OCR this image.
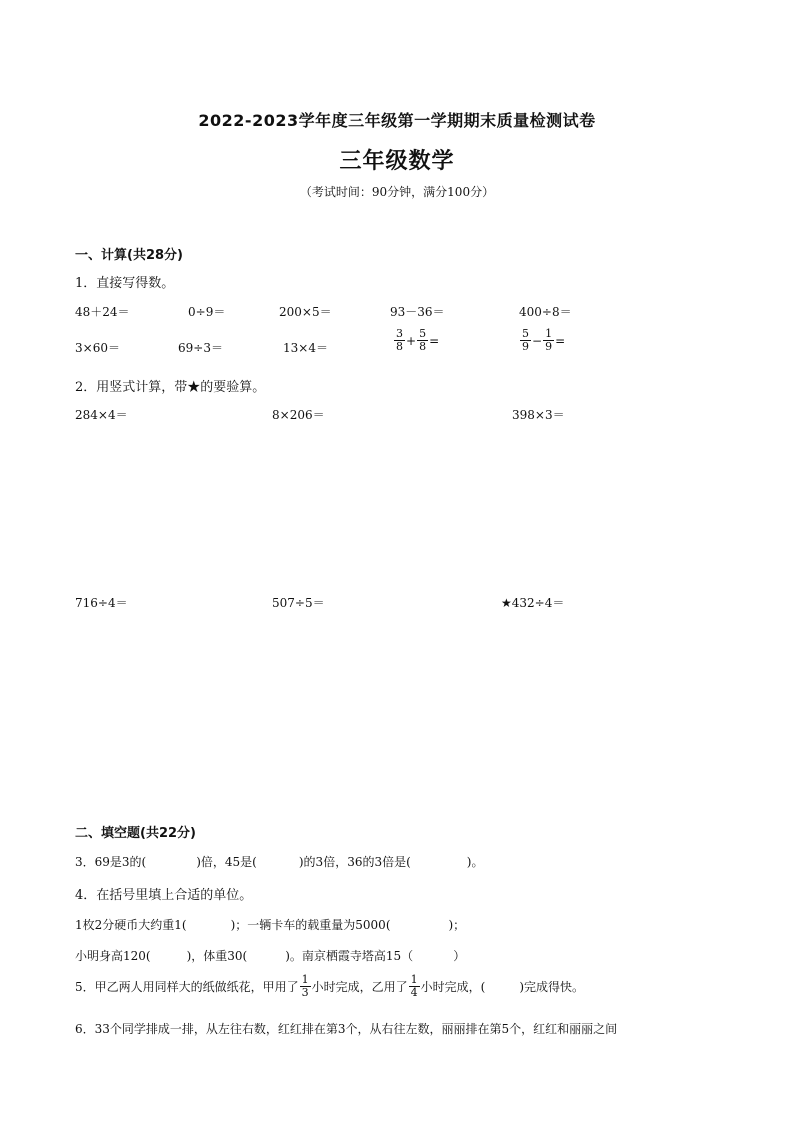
2022-2023学年度三年级第一学期期末质量检测试卷
三年级数学
（考试时间：90分钟，满分100分）
一、计算(共28分)
1．直接写得数。
48＋24＝	0÷9＝	200×5＝	93－36＝	400÷8＝
3×60＝	69÷3＝	13×4＝	$\frac{3}{8} + \frac{5}{8}$ =	$\frac{5}{9} - \frac{1}{9}$ =
2．用竖式计算，带★的要验算。
284×4＝	8×206＝	398×3＝
716÷4＝	507÷5＝	★432÷4＝
二、填空题(共22分)
3．69是3的(	)倍，45是(	)的3倍，36的3倍是(	)。
4．在括号里填上合适的单位。
1枚2分硬币大约重1(	)；一辆卡车的载重量为5000(	)；
小明身高120(	)，体重30(	)。南京栖霞寺塔高15（	）
5．甲乙两人用同样大的纸做纸花，甲用了 $\frac{1}{3}$ 小时完成，乙用了 $\frac{1}{4}$ 小时完成，(	)完成得快。
6．33个同学排成一排，从左往右数，红红排在第3个，从右往左数，丽丽排在第5个，红红和丽丽之间
